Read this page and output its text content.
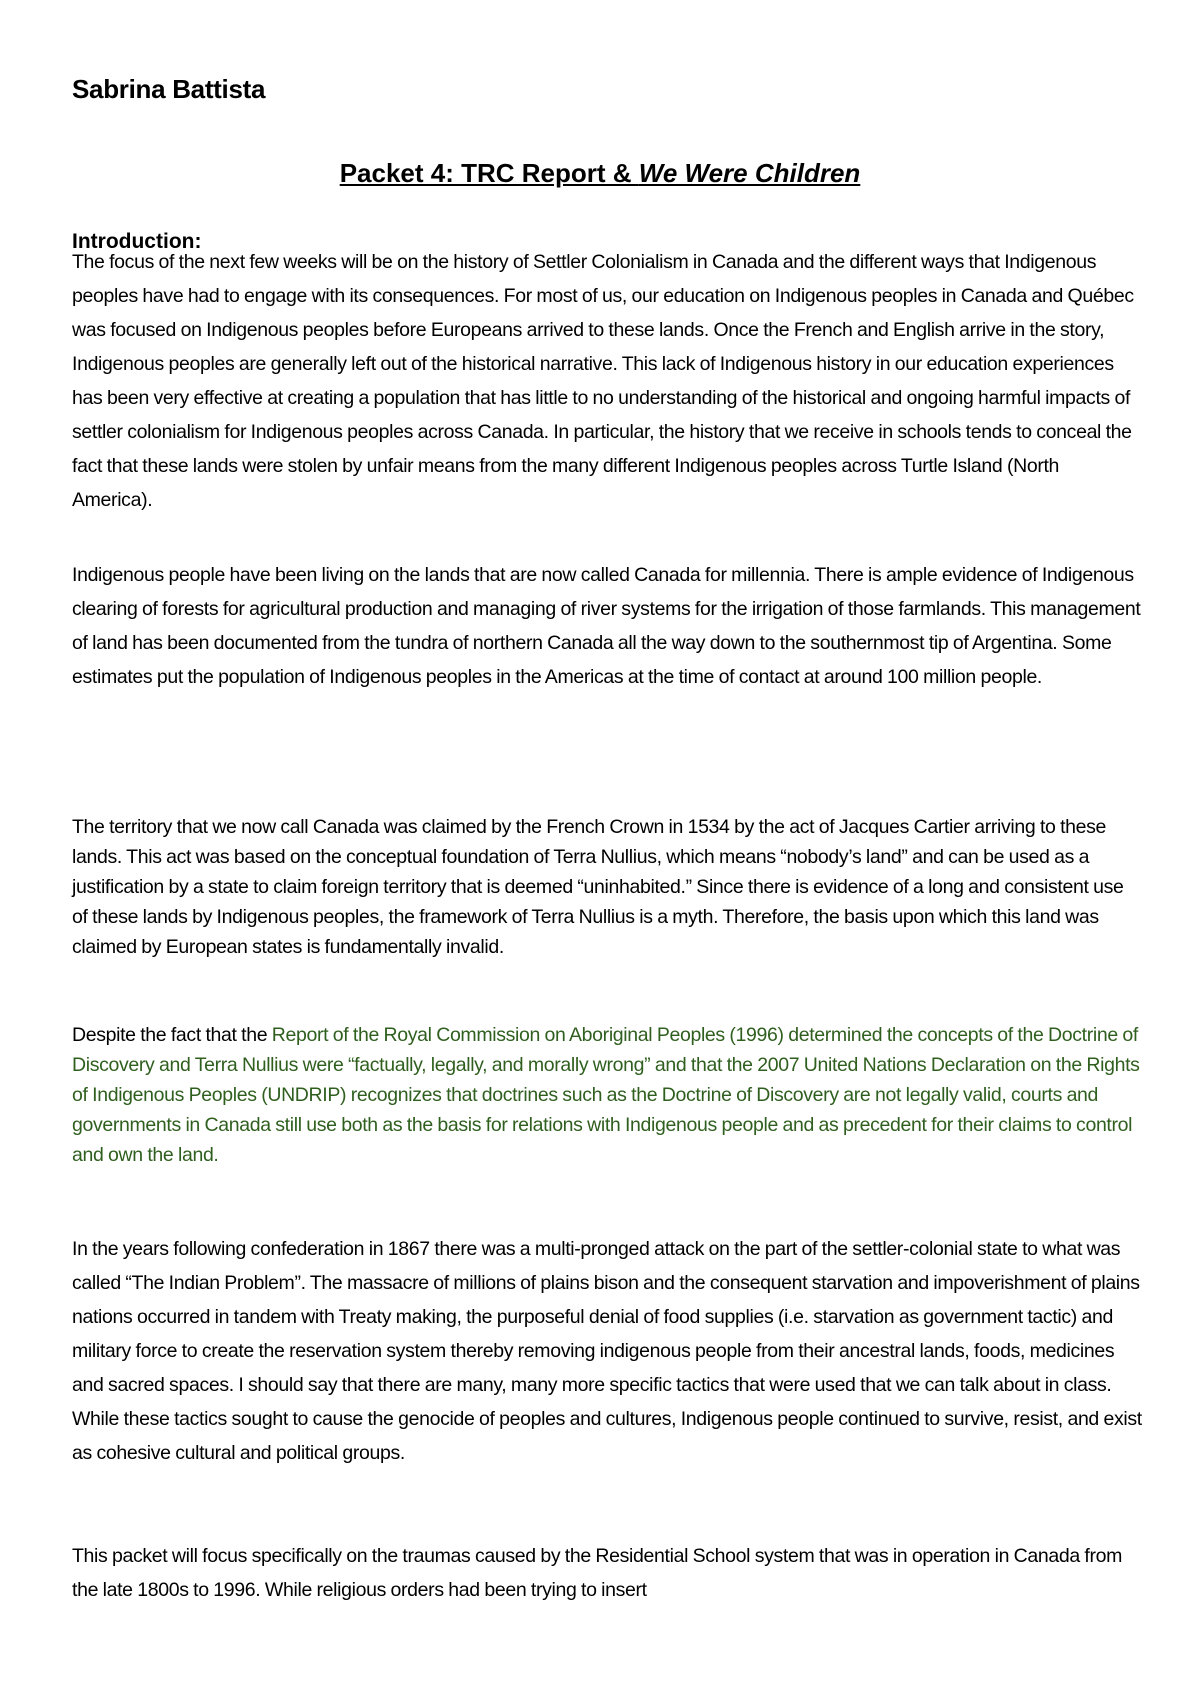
Sabrina Battista
Packet 4: TRC Report & We Were Children
Introduction:

The focus of the next few weeks will be on the history of Settler Colonialism in Canada and the different ways that Indigenous peoples have had to engage with its consequences. For most of us, our education on Indigenous peoples in Canada and Québec was focused on Indigenous peoples before Europeans arrived to these lands. Once the French and English arrive in the story, Indigenous peoples are generally left out of the historical narrative. This lack of Indigenous history in our education experiences has been very effective at creating a population that has little to no understanding of the historical and ongoing harmful impacts of settler colonialism for Indigenous peoples across Canada. In particular, the history that we receive in schools tends to conceal the fact that these lands were stolen by unfair means from the many different Indigenous peoples across Turtle Island (North America).

Indigenous people have been living on the lands that are now called Canada for millennia. There is ample evidence of Indigenous clearing of forests for agricultural production and managing of river systems for the irrigation of those farmlands. This management of land has been documented from the tundra of northern Canada all the way down to the southernmost tip of Argentina. Some estimates put the population of Indigenous peoples in the Americas at the time of contact at around 100 million people.

The territory that we now call Canada was claimed by the French Crown in 1534 by the act of Jacques Cartier arriving to these lands. This act was based on the conceptual foundation of Terra Nullius, which means “nobody’s land” and can be used as a justification by a state to claim foreign territory that is deemed “uninhabited.” Since there is evidence of a long and consistent use of these lands by Indigenous peoples, the framework of Terra Nullius is a myth. Therefore, the basis upon which this land was claimed by European states is fundamentally invalid.

Despite the fact that the Report of the Royal Commission on Aboriginal Peoples (1996) determined the concepts of the Doctrine of Discovery and Terra Nullius were “factually, legally, and morally wrong” and that the 2007 United Nations Declaration on the Rights of Indigenous Peoples (UNDRIP) recognizes that doctrines such as the Doctrine of Discovery are not legally valid, courts and governments in Canada still use both as the basis for relations with Indigenous people and as precedent for their claims to control and own the land.

In the years following confederation in 1867 there was a multi-pronged attack on the part of the settler-colonial state to what was called “The Indian Problem”. The massacre of millions of plains bison and the consequent starvation and impoverishment of plains nations occurred in tandem with Treaty making, the purposeful denial of food supplies (i.e. starvation as government tactic) and military force to create the reservation system thereby removing indigenous people from their ancestral lands, foods, medicines and sacred spaces. I should say that there are many, many more specific tactics that were used that we can talk about in class. While these tactics sought to cause the genocide of peoples and cultures, Indigenous people continued to survive, resist, and exist as cohesive cultural and political groups.

This packet will focus specifically on the traumas caused by the Residential School system that was in operation in Canada from the late 1800s to 1996. While religious orders had been trying to insert
